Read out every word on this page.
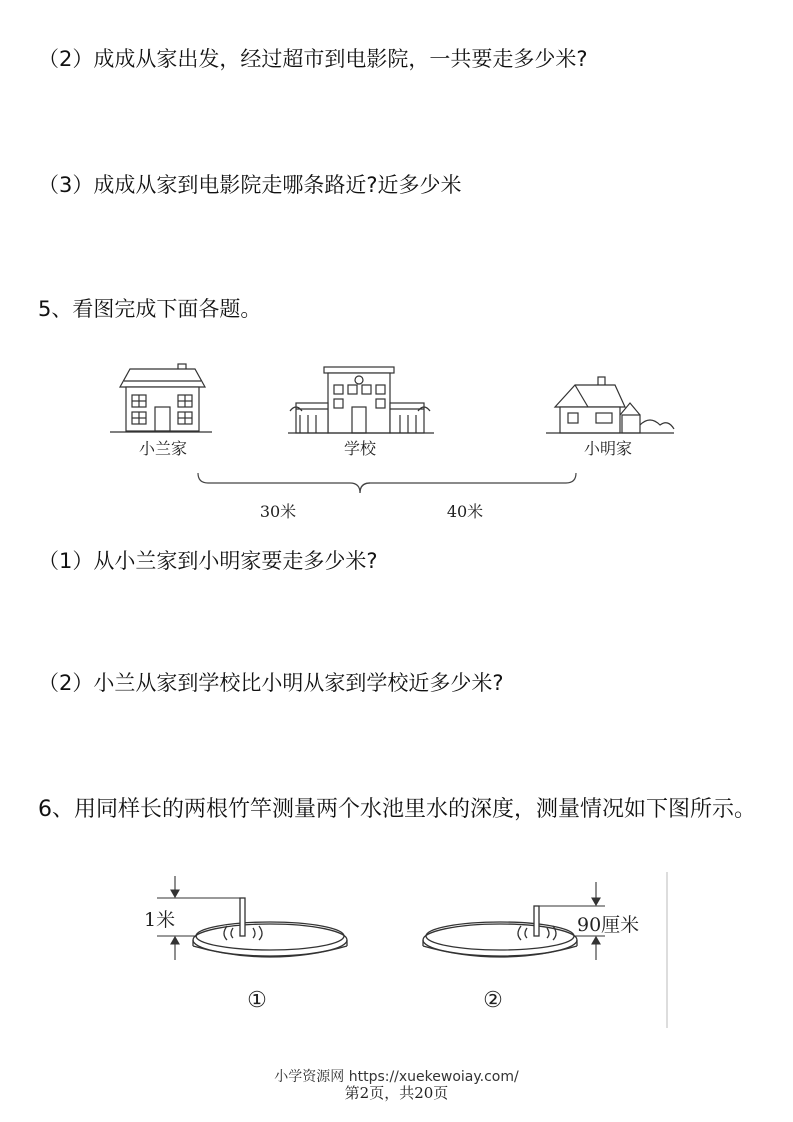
（2）成成从家出发，经过超市到电影院，一共要走多少米?
（3）成成从家到电影院走哪条路近?近多少米
5、看图完成下面各题。
小兰家	学校	小明家
30米	40米
（1）从小兰家到小明家要走多少米?
（2）小兰从家到学校比小明从家到学校近多少米?
6、用同样长的两根竹竿测量两个水池里水的深度，测量情况如下图所示。
1米
①
90厘米
②
小学资源网 https://xuekewoiay.com/
第2页，共20页
